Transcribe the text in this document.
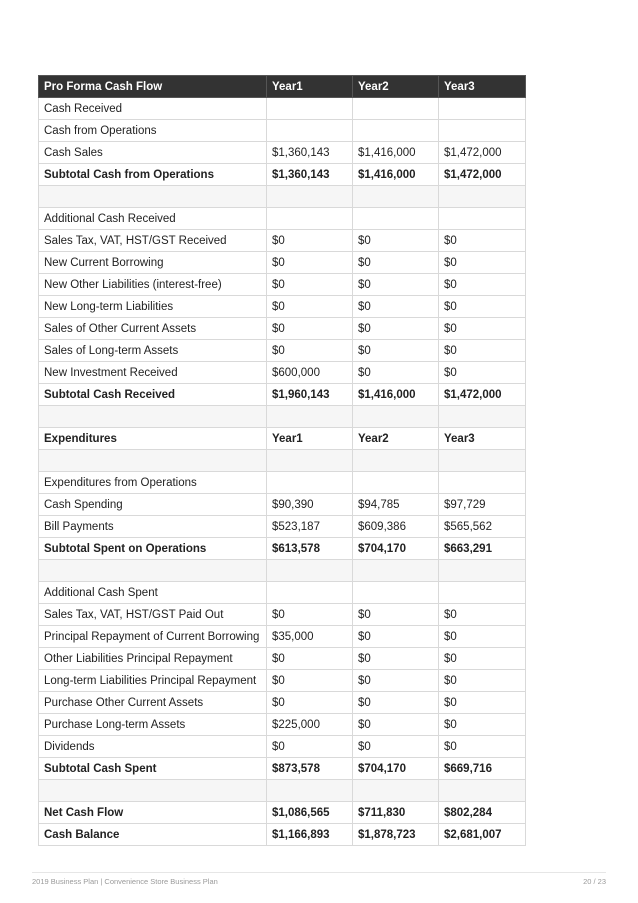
Pro Forma Cash Flow	Year1	Year2	Year3
Cash Received			
Cash from Operations			
Cash Sales	$1,360,143	$1,416,000	$1,472,000
Subtotal Cash from Operations	$1,360,143	$1,416,000	$1,472,000

Additional Cash Received			
Sales Tax, VAT, HST/GST Received	$0	$0	$0
New Current Borrowing	$0	$0	$0
New Other Liabilities (interest-free)	$0	$0	$0
New Long-term Liabilities	$0	$0	$0
Sales of Other Current Assets	$0	$0	$0
Sales of Long-term Assets	$0	$0	$0
New Investment Received	$600,000	$0	$0
Subtotal Cash Received	$1,960,143	$1,416,000	$1,472,000

Expenditures	Year1	Year2	Year3

Expenditures from Operations			
Cash Spending	$90,390	$94,785	$97,729
Bill Payments	$523,187	$609,386	$565,562
Subtotal Spent on Operations	$613,578	$704,170	$663,291

Additional Cash Spent			
Sales Tax, VAT, HST/GST Paid Out	$0	$0	$0
Principal Repayment of Current Borrowing	$35,000	$0	$0
Other Liabilities Principal Repayment	$0	$0	$0
Long-term Liabilities Principal Repayment	$0	$0	$0
Purchase Other Current Assets	$0	$0	$0
Purchase Long-term Assets	$225,000	$0	$0
Dividends	$0	$0	$0
Subtotal Cash Spent	$873,578	$704,170	$669,716

Net Cash Flow	$1,086,565	$711,830	$802,284
Cash Balance	$1,166,893	$1,878,723	$2,681,007
2019 Business Plan | Convenience Store Business Plan	20 / 23
